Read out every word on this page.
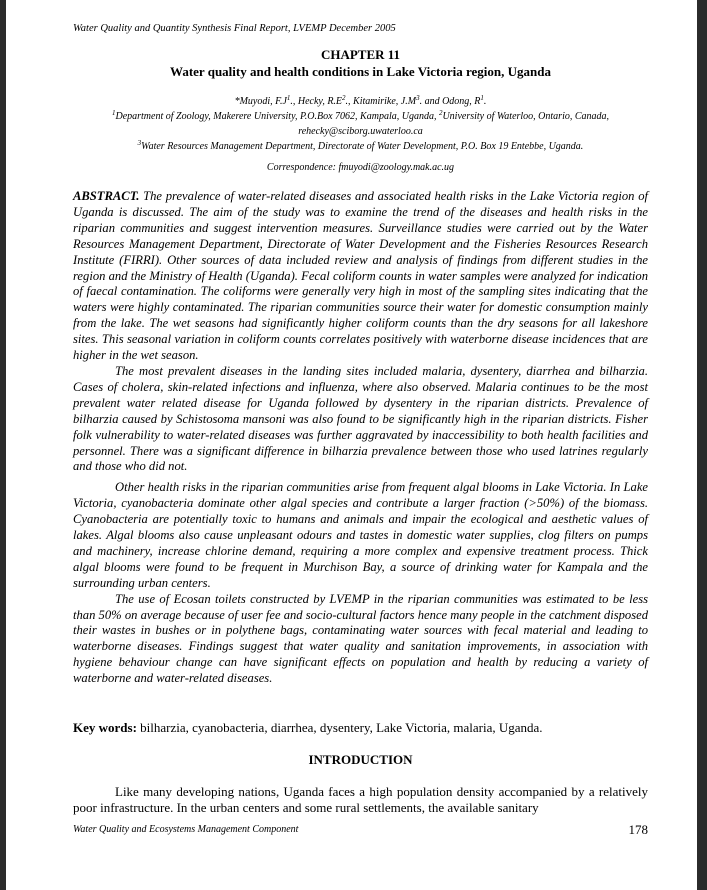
Water Quality and Quantity Synthesis Final Report, LVEMP December 2005
CHAPTER 11
Water quality and health conditions in Lake Victoria region, Uganda
*Muyodi, $F.J^1$., Hecky, $R.E^2$., Kitamirike, $J.M^3$. and Odong, $R^1$.
$^1$Department of Zoology, Makerere University, P.O.Box 7062, Kampala, Uganda, $^2$University of Waterloo, Ontario, Canada, rehecky@sciborg.uwaterloo.ca
$^3$Water Resources Management Department, Directorate of Water Development, P.O. Box 19 Entebbe, Uganda.
Correspondence: fmuyodi@zoology.mak.ac.ug

ABSTRACT. The prevalence of water-related diseases and associated health risks in the Lake Victoria region of Uganda is discussed. The aim of the study was to examine the trend of the diseases and health risks in the riparian communities and suggest intervention measures. Surveillance studies were carried out by the Water Resources Management Department, Directorate of Water Development and the Fisheries Resources Research Institute (FIRRI). Other sources of data included review and analysis of findings from different studies in the region and the Ministry of Health (Uganda). Fecal coliform counts in water samples were analyzed for indication of faecal contamination. The coliforms were generally very high in most of the sampling sites indicating that the waters were highly contaminated. The riparian communities source their water for domestic consumption mainly from the lake. The wet seasons had significantly higher coliform counts than the dry seasons for all lakeshore sites. This seasonal variation in coliform counts correlates positively with waterborne disease incidences that are higher in the wet season.

The most prevalent diseases in the landing sites included malaria, dysentery, diarrhea and bilharzia. Cases of cholera, skin-related infections and influenza, where also observed. Malaria continues to be the most prevalent water related disease for Uganda followed by dysentery in the riparian districts. Prevalence of bilharzia caused by Schistosoma mansoni was also found to be significantly high in the riparian districts. Fisher folk vulnerability to water-related diseases was further aggravated by inaccessibility to both health facilities and personnel. There was a significant difference in bilharzia prevalence between those who used latrines regularly and those who did not.

Other health risks in the riparian communities arise from frequent algal blooms in Lake Victoria. In Lake Victoria, cyanobacteria dominate other algal species and contribute a larger fraction (>50%) of the biomass. Cyanobacteria are potentially toxic to humans and animals and impair the ecological and aesthetic values of lakes. Algal blooms also cause unpleasant odours and tastes in domestic water supplies, clog filters on pumps and machinery, increase chlorine demand, requiring a more complex and expensive treatment process. Thick algal blooms were found to be frequent in Murchison Bay, a source of drinking water for Kampala and the surrounding urban centers.

The use of Ecosan toilets constructed by LVEMP in the riparian communities was estimated to be less than 50% on average because of user fee and socio-cultural factors hence many people in the catchment disposed their wastes in bushes or in polythene bags, contaminating water sources with fecal material and leading to waterborne diseases. Findings suggest that water quality and sanitation improvements, in association with hygiene behaviour change can have significant effects on population and health by reducing a variety of waterborne and water-related diseases.

Key words: bilharzia, cyanobacteria, diarrhea, dysentery, Lake Victoria, malaria, Uganda.
INTRODUCTION

Like many developing nations, Uganda faces a high population density accompanied by a relatively poor infrastructure. In the urban centers and some rural settlements, the available sanitary

Water Quality and Ecosystems Management Component	178
